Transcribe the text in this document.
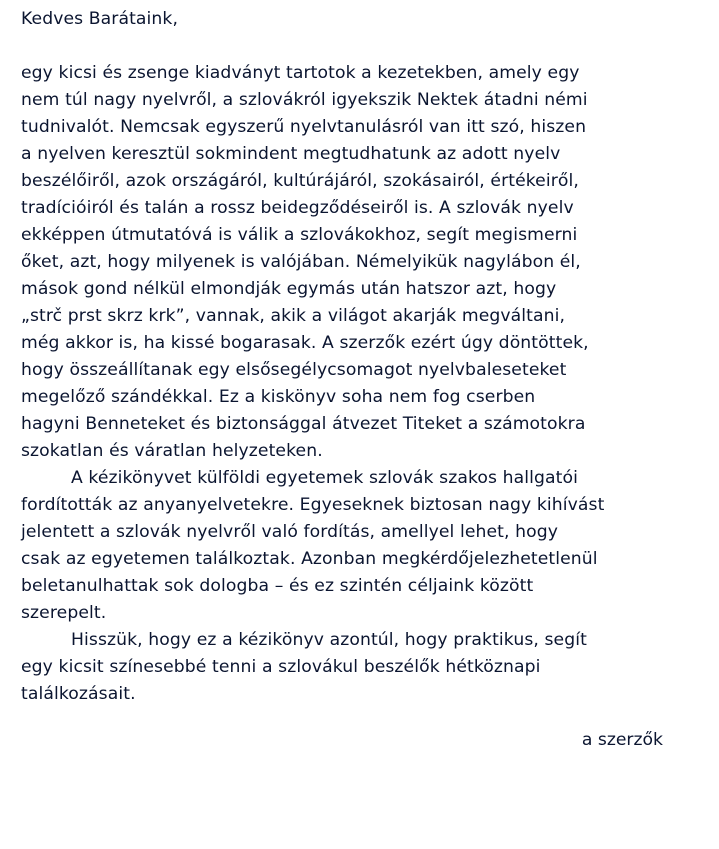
Kedves Barátaink,

egy kicsi és zsenge kiadványt tartotok a kezetekben, amely egy
nem túl nagy nyelvről, a szlovákról igyekszik Nektek átadni némi
tudnivalót. Nemcsak egyszerű nyelvtanulásról van itt szó, hiszen
a nyelven keresztül sokmindent megtudhatunk az adott nyelv
beszélőiről, azok országáról, kultúrájáról, szokásairól, értékeiről,
tradícióiról és talán a rossz beidegződéseiről is. A szlovák nyelv
ekképpen útmutatóvá is válik a szlovákokhoz, segít megismerni
őket, azt, hogy milyenek is valójában. Némelyikük nagylábon él,
mások gond nélkül elmondják egymás után hatszor azt, hogy
„strč prst skrz krk”, vannak, akik a világot akarják megváltani,
még akkor is, ha kissé bogarasak. A szerzők ezért úgy döntöttek,
hogy összeállítanak egy elsősegélycsomagot nyelvbaleseteket
megelőző szándékkal. Ez a kiskönyv soha nem fog cserben
hagyni Benneteket és biztonsággal átvezet Titeket a számotokra
szokatlan és váratlan helyzeteken.

A kézikönyvet külföldi egyetemek szlovák szakos hallgatói
fordították az anyanyelvetekre. Egyeseknek biztosan nagy kihívást
jelentett a szlovák nyelvről való fordítás, amellyel lehet, hogy
csak az egyetemen találkoztak. Azonban megkérdőjelezhetetlenül
beletanulhattak sok dologba – és ez szintén céljaink között
szerepelt.

Hisszük, hogy ez a kézikönyv azontúl, hogy praktikus, segít
egy kicsit színesebbé tenni a szlovákul beszélők hétköznapi
találkozásait.

a szerzők
